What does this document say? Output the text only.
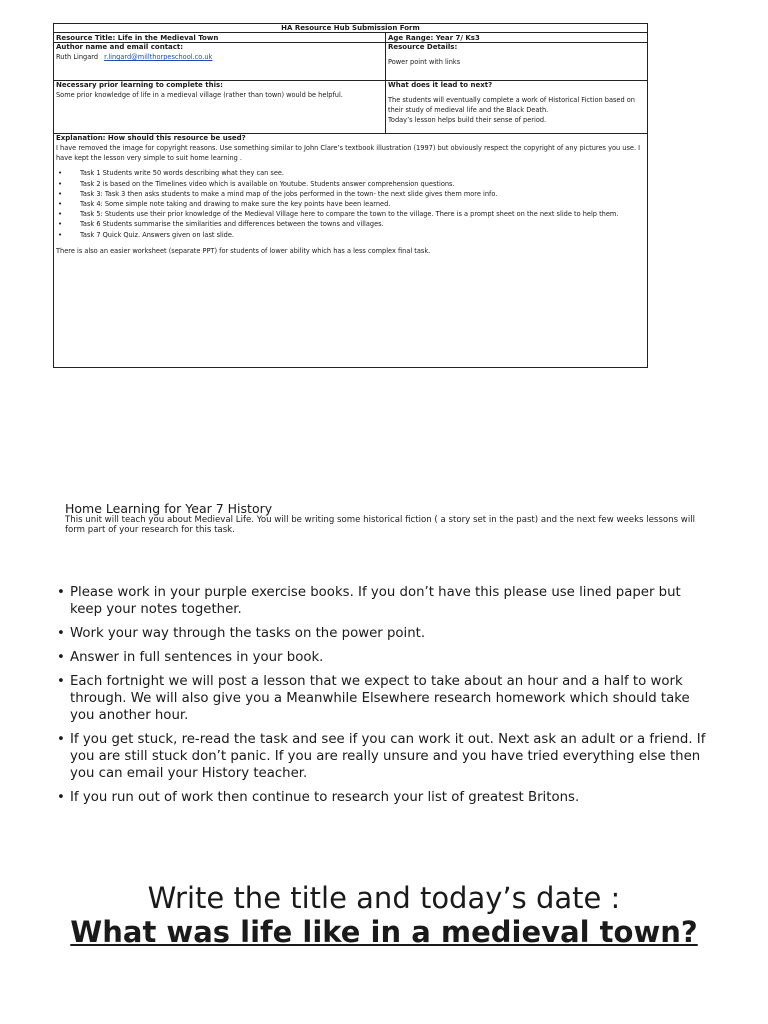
HA Resource Hub Submission Form
Resource Title: Life in the Medieval Town	Age Range: Year 7/ Ks3
Author name and email contact:
Ruth Lingard r.lingard@millthorpeschool.co.uk
Resource Details:
Power point with links
Necessary prior learning to complete this:
Some prior knowledge of life in a medieval village (rather than town) would be helpful.
What does it lead to next?
The students will eventually complete a work of Historical Fiction based on their study of medieval life and the Black Death.
Today’s lesson helps build their sense of period.
Explanation: How should this resource be used?
I have removed the image for copyright reasons. Use something similar to John Clare’s textbook illustration (1997) but obviously respect the copyright of any pictures you use. I have kept the lesson very simple to suit home learning .
• Task 1 Students write 50 words describing what they can see.
• Task 2 is based on the Timelines video which is available on Youtube. Students answer comprehension questions.
• Task 3: Task 3 then asks students to make a mind map of the jobs performed in the town- the next slide gives them more info.
• Task 4: Some simple note taking and drawing to make sure the key points have been learned.
• Task 5: Students use their prior knowledge of the Medieval Village here to compare the town to the village. There is a prompt sheet on the next slide to help them.
• Task 6 Students summarise the similarities and differences between the towns and villages.
• Task 7 Quick Quiz. Answers given on last slide.
There is also an easier worksheet (separate PPT) for students of lower ability which has a less complex final task.
Home Learning for Year 7 History
This unit will teach you about Medieval Life. You will be writing some historical fiction ( a story set in the past) and the next few weeks lessons will form part of your research for this task.
• Please work in your purple exercise books. If you don’t have this please use lined paper but keep your notes together.
• Work your way through the tasks on the power point.
• Answer in full sentences in your book.
• Each fortnight we will post a lesson that we expect to take about an hour and a half to work through. We will also give you a Meanwhile Elsewhere research homework which should take you another hour.
• If you get stuck, re-read the task and see if you can work it out. Next ask an adult or a friend. If you are still stuck don’t panic. If you are really unsure and you have tried everything else then you can email your History teacher.
• If you run out of work then continue to research your list of greatest Britons.
Write the title and today’s date :
What was life like in a medieval town?
